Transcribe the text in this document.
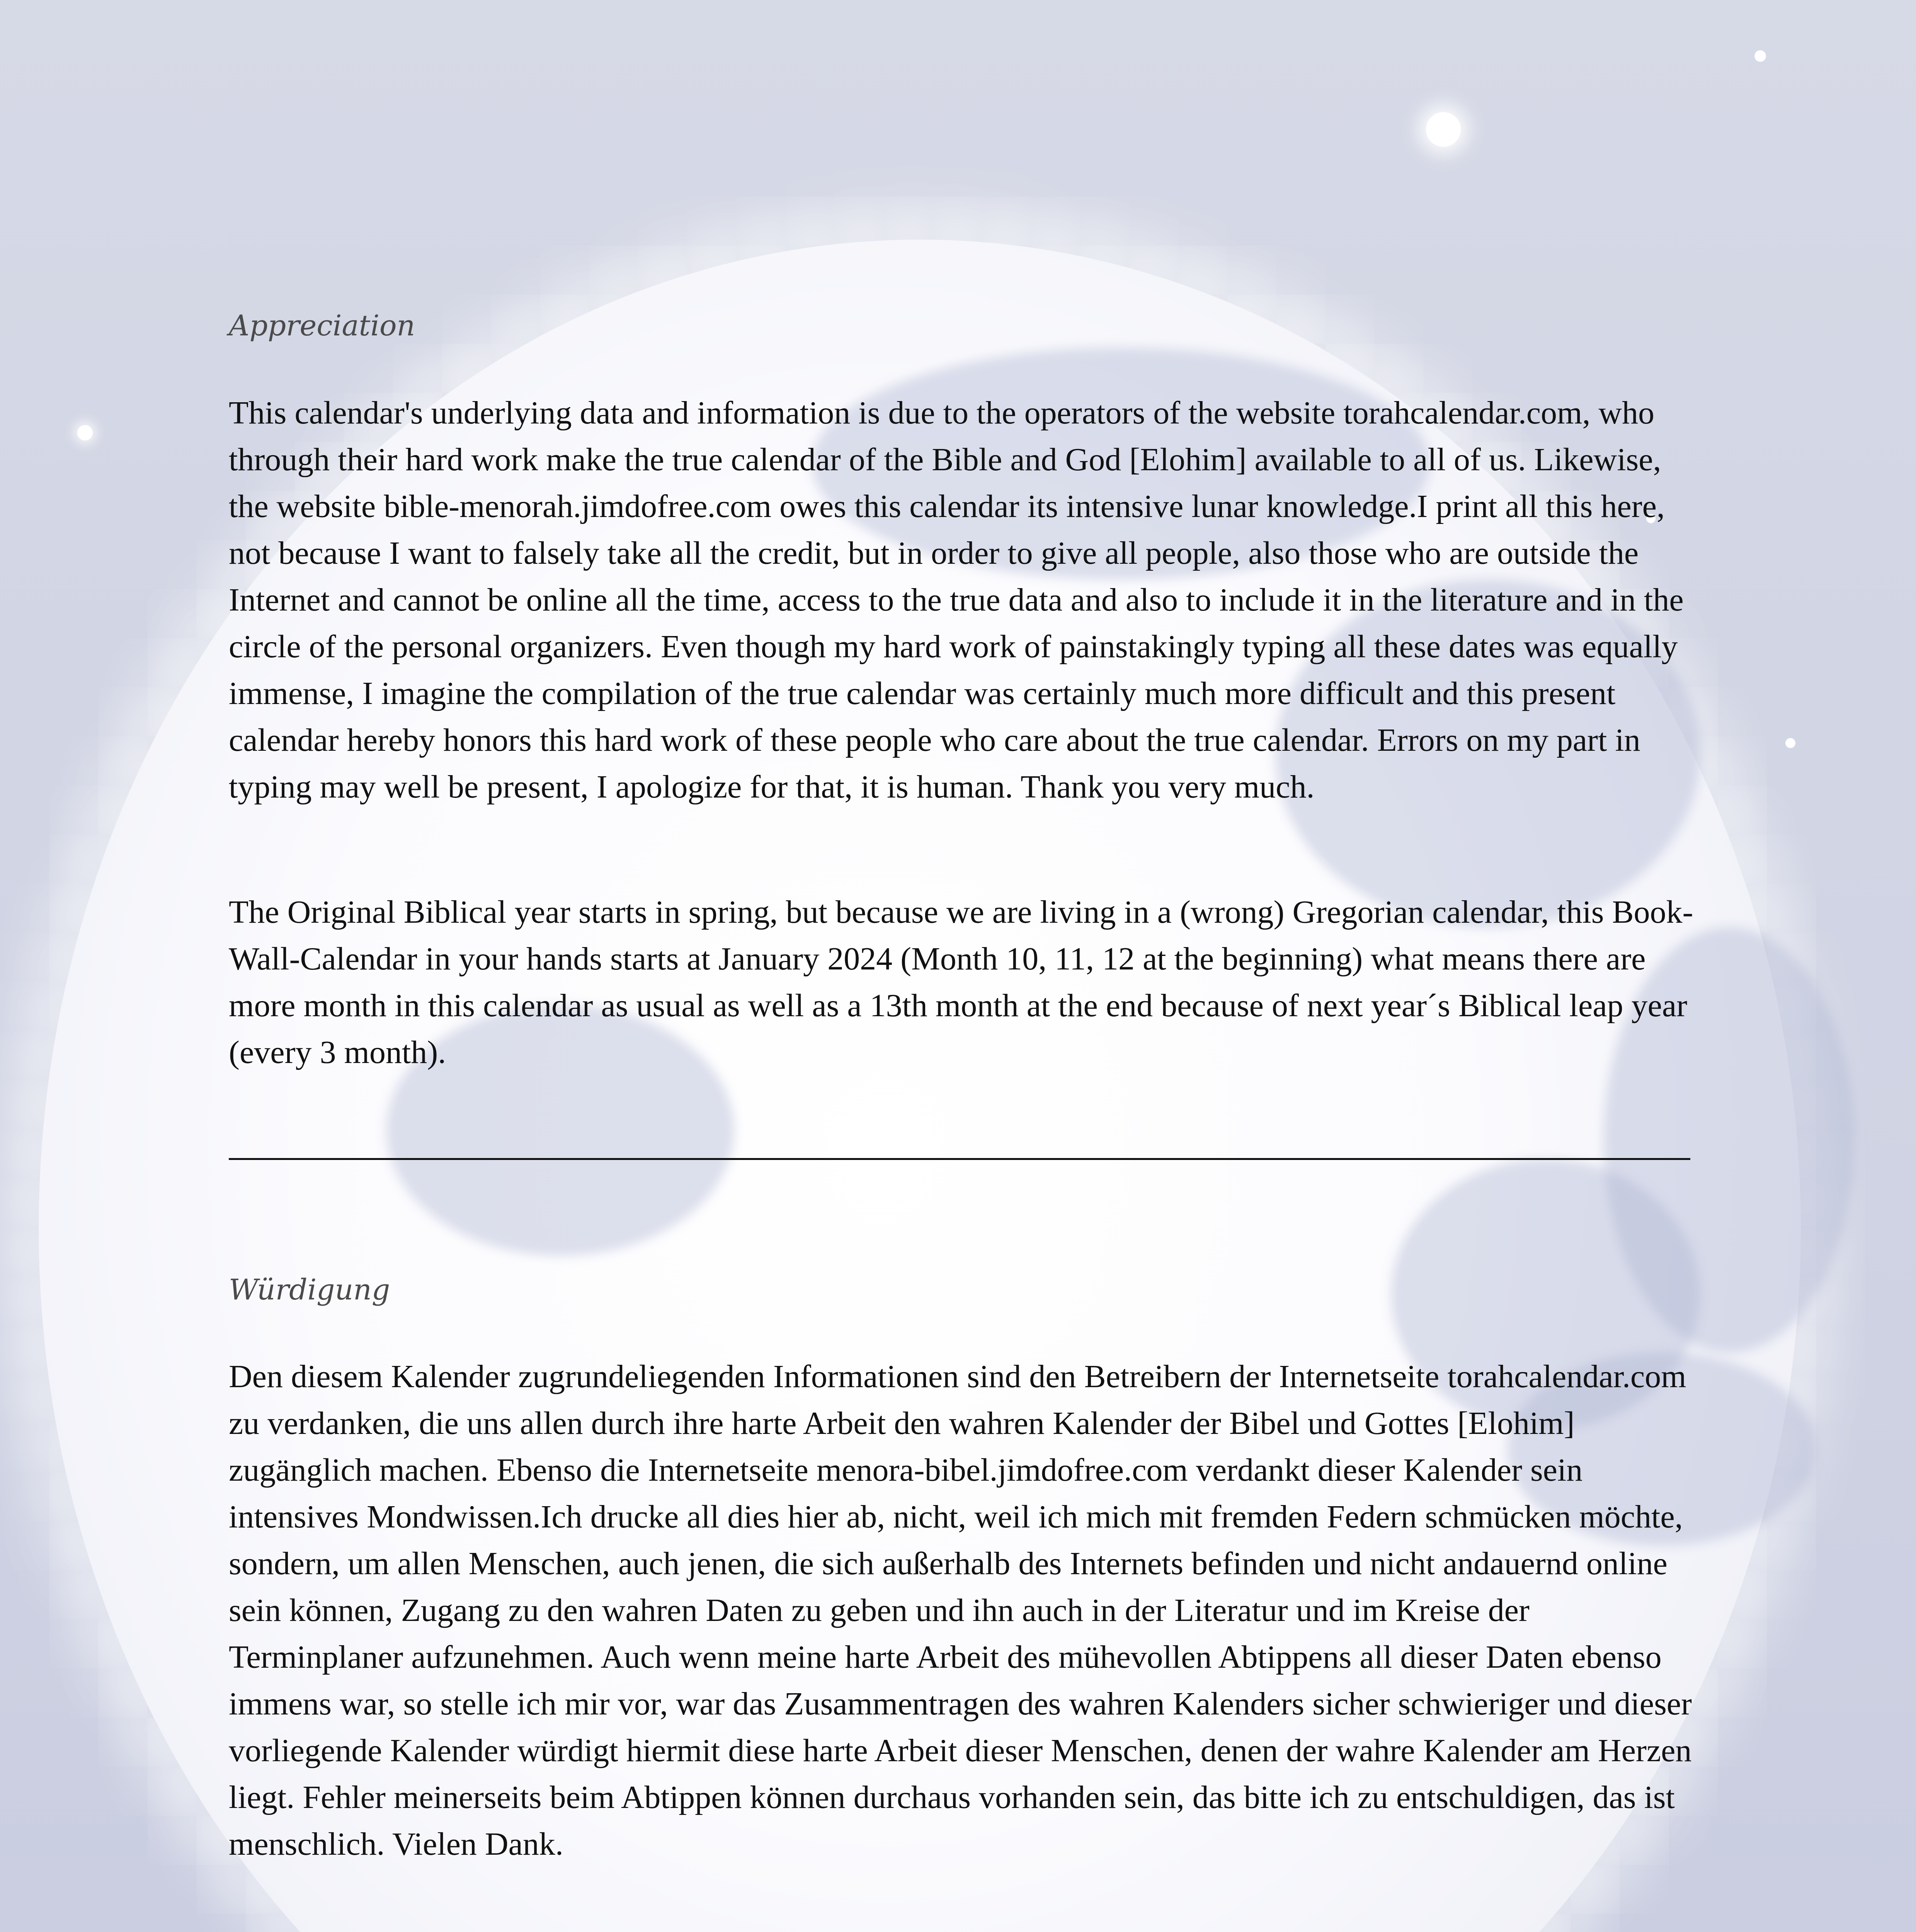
Appreciation

This calendar's underlying data and information is due to the operators of the website torahcalendar.com, who through their hard work make the true calendar of the Bible and God [Elohim] available to all of us. Likewise, the website bible-menorah.jimdofree.com owes this calendar its intensive lunar knowledge.I print all this here, not because I want to falsely take all the credit, but in order to give all people, also those who are outside the Internet and cannot be online all the time, access to the true data and also to include it in the literature and in the circle of the personal organizers. Even though my hard work of painstakingly typing all these dates was equally immense, I imagine the compilation of the true calendar was certainly much more difficult and this present calendar hereby honors this hard work of these people who care about the true calendar. Errors on my part in typing may well be present, I apologize for that, it is human. Thank you very much.

The Original Biblical year starts in spring, but because we are living in a (wrong) Gregorian calendar, this Book-Wall-Calendar in your hands starts at January 2024 (Month 10, 11, 12 at the beginning) what means there are more month in this calendar as usual as well as a 13th month at the end because of next year´s Biblical leap year (every 3 month).

Würdigung

Den diesem Kalender zugrundeliegenden Informationen sind den Betreibern der Internetseite torahcalendar.com zu verdanken, die uns allen durch ihre harte Arbeit den wahren Kalender der Bibel und Gottes [Elohim] zugänglich machen. Ebenso die Internetseite menora-bibel.jimdofree.com verdankt dieser Kalender sein intensives Mondwissen.Ich drucke all dies hier ab, nicht, weil ich mich mit fremden Federn schmücken möchte, sondern, um allen Menschen, auch jenen, die sich außerhalb des Internets befinden und nicht andauernd online sein können, Zugang zu den wahren Daten zu geben und ihn auch in der Literatur und im Kreise der Terminplaner aufzunehmen. Auch wenn meine harte Arbeit des mühevollen Abtippens all dieser Daten ebenso immens war, so stelle ich mir vor, war das Zusammentragen des wahren Kalenders sicher schwieriger und dieser vorliegende Kalender würdigt hiermit diese harte Arbeit dieser Menschen, denen der wahre Kalender am Herzen liegt. Fehler meinerseits beim Abtippen können durchaus vorhanden sein, das bitte ich zu entschuldigen, das ist menschlich. Vielen Dank.
